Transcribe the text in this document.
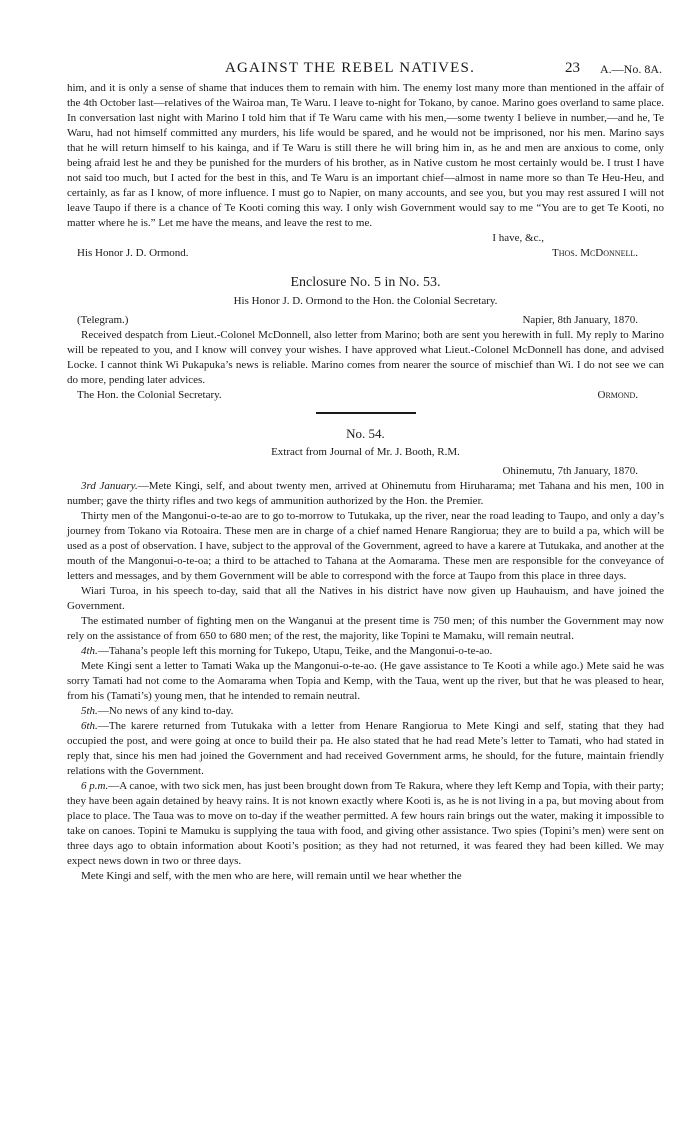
AGAINST THE REBEL NATIVES.	23 A.—No. 8A.

him, and it is only a sense of shame that induces them to remain with him. The enemy lost many more than mentioned in the affair of the 4th October last—relatives of the Wairoa man, Te Waru. I leave to-night for Tokano, by canoe. Marino goes overland to same place. In conversation last night with Marino I told him that if Te Waru came with his men,—some twenty I believe in number,—and he, Te Waru, had not himself committed any murders, his life would be spared, and he would not be imprisoned, nor his men. Marino says that he will return himself to his kainga, and if Te Waru is still there he will bring him in, as he and men are anxious to come, only being afraid lest he and they be punished for the murders of his brother, as in Native custom he most certainly would be. I trust I have not said too much, but I acted for the best in this, and Te Waru is an important chief—almost in name more so than Te Heu-Heu, and certainly, as far as I know, of more influence. I must go to Napier, on many accounts, and see you, but you may rest assured I will not leave Taupo if there is a chance of Te Kooti coming this way. I only wish Government would say to me “You are to get Te Kooti, no matter where he is.” Let me have the means, and leave the rest to me.

I have, &c.,
His Honor J. D. Ormond.	Thos. McDonnell.
Enclosure No. 5 in No. 53.
His Honor J. D. Ormond to the Hon. the Colonial Secretary.
(Telegram.)	Napier, 8th January, 1870.

Received despatch from Lieut.-Colonel McDonnell, also letter from Marino; both are sent you herewith in full. My reply to Marino will be repeated to you, and I know will convey your wishes. I have approved what Lieut.-Colonel McDonnell has done, and advised Locke. I cannot think Wi Pukapuka’s news is reliable. Marino comes from nearer the source of mischief than Wi. I do not see we can do more, pending later advices.

The Hon. the Colonial Secretary.	Ormond.
No. 54.
Extract from Journal of Mr. J. Booth, R.M.
Ohinemutu, 7th January, 1870.

3rd January.—Mete Kingi, self, and about twenty men, arrived at Ohinemutu from Hiruharama; met Tahana and his men, 100 in number; gave the thirty rifles and two kegs of ammunition authorized by the Hon. the Premier.

Thirty men of the Mangonui-o-te-ao are to go to-morrow to Tutukaka, up the river, near the road leading to Taupo, and only a day’s journey from Tokano via Rotoaira. These men are in charge of a chief named Henare Rangiorua; they are to build a pa, which will be used as a post of observation. I have, subject to the approval of the Government, agreed to have a karere at Tutukaka, and another at the mouth of the Mangonui-o-te-oa; a third to be attached to Tahana at the Aomarama. These men are responsible for the conveyance of letters and messages, and by them Government will be able to correspond with the force at Taupo from this place in three days.

Wiari Turoa, in his speech to-day, said that all the Natives in his district have now given up Hauhauism, and have joined the Government.

The estimated number of fighting men on the Wanganui at the present time is 750 men; of this number the Government may now rely on the assistance of from 650 to 680 men; of the rest, the majority, like Topini te Mamaku, will remain neutral.

4th.—Tahana’s people left this morning for Tukepo, Utapu, Teike, and the Mangonui-o-te-ao.

Mete Kingi sent a letter to Tamati Waka up the Mangonui-o-te-ao. (He gave assistance to Te Kooti a while ago.) Mete said he was sorry Tamati had not come to the Aomarama when Topia and Kemp, with the Taua, went up the river, but that he was pleased to hear, from his (Tamati’s) young men, that he intended to remain neutral.

5th.—No news of any kind to-day.

6th.—The karere returned from Tutukaka with a letter from Henare Rangiorua to Mete Kingi and self, stating that they had occupied the post, and were going at once to build their pa. He also stated that he had read Mete’s letter to Tamati, who had stated in reply that, since his men had joined the Government and had received Government arms, he should, for the future, maintain friendly relations with the Government.

6 p.m.—A canoe, with two sick men, has just been brought down from Te Rakura, where they left Kemp and Topia, with their party; they have been again detained by heavy rains. It is not known exactly where Kooti is, as he is not living in a pa, but moving about from place to place. The Taua was to move on to-day if the weather permitted. A few hours rain brings out the water, making it impossible to take on canoes. Topini te Mamuku is supplying the taua with food, and giving other assistance. Two spies (Topini’s men) were sent on three days ago to obtain information about Kooti’s position; as they had not returned, it was feared they had been killed. We may expect news down in two or three days.

Mete Kingi and self, with the men who are here, will remain until we hear whether the
